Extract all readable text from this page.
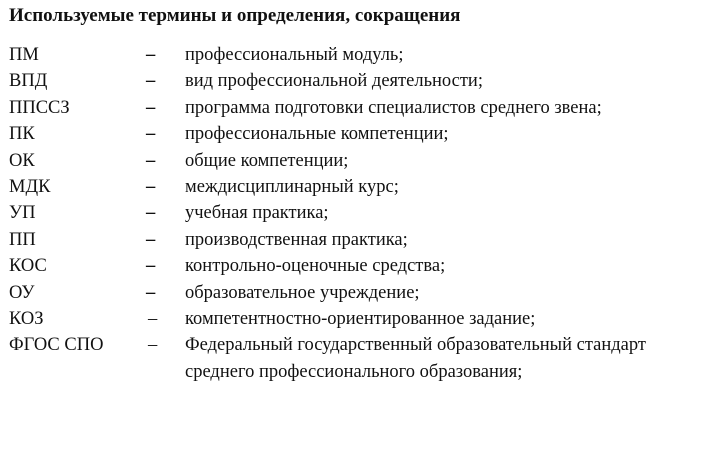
Используемые термины и определения, сокращения
ПМ	– профессиональный модуль;
ВПД	– вид профессиональной деятельности;
ППССЗ	– программа подготовки специалистов среднего звена;
ПК	– профессиональные компетенции;
ОК	– общие компетенции;
МДК	– междисциплинарный курс;
УП	– учебная практика;
ПП	– производственная практика;
КОС	– контрольно-оценочные средства;
ОУ	– образовательное учреждение;
КОЗ	– компетентностно-ориентированное задание;
ФГОС СПО – Федеральный государственный образовательный стандарт среднего профессионального образования;
